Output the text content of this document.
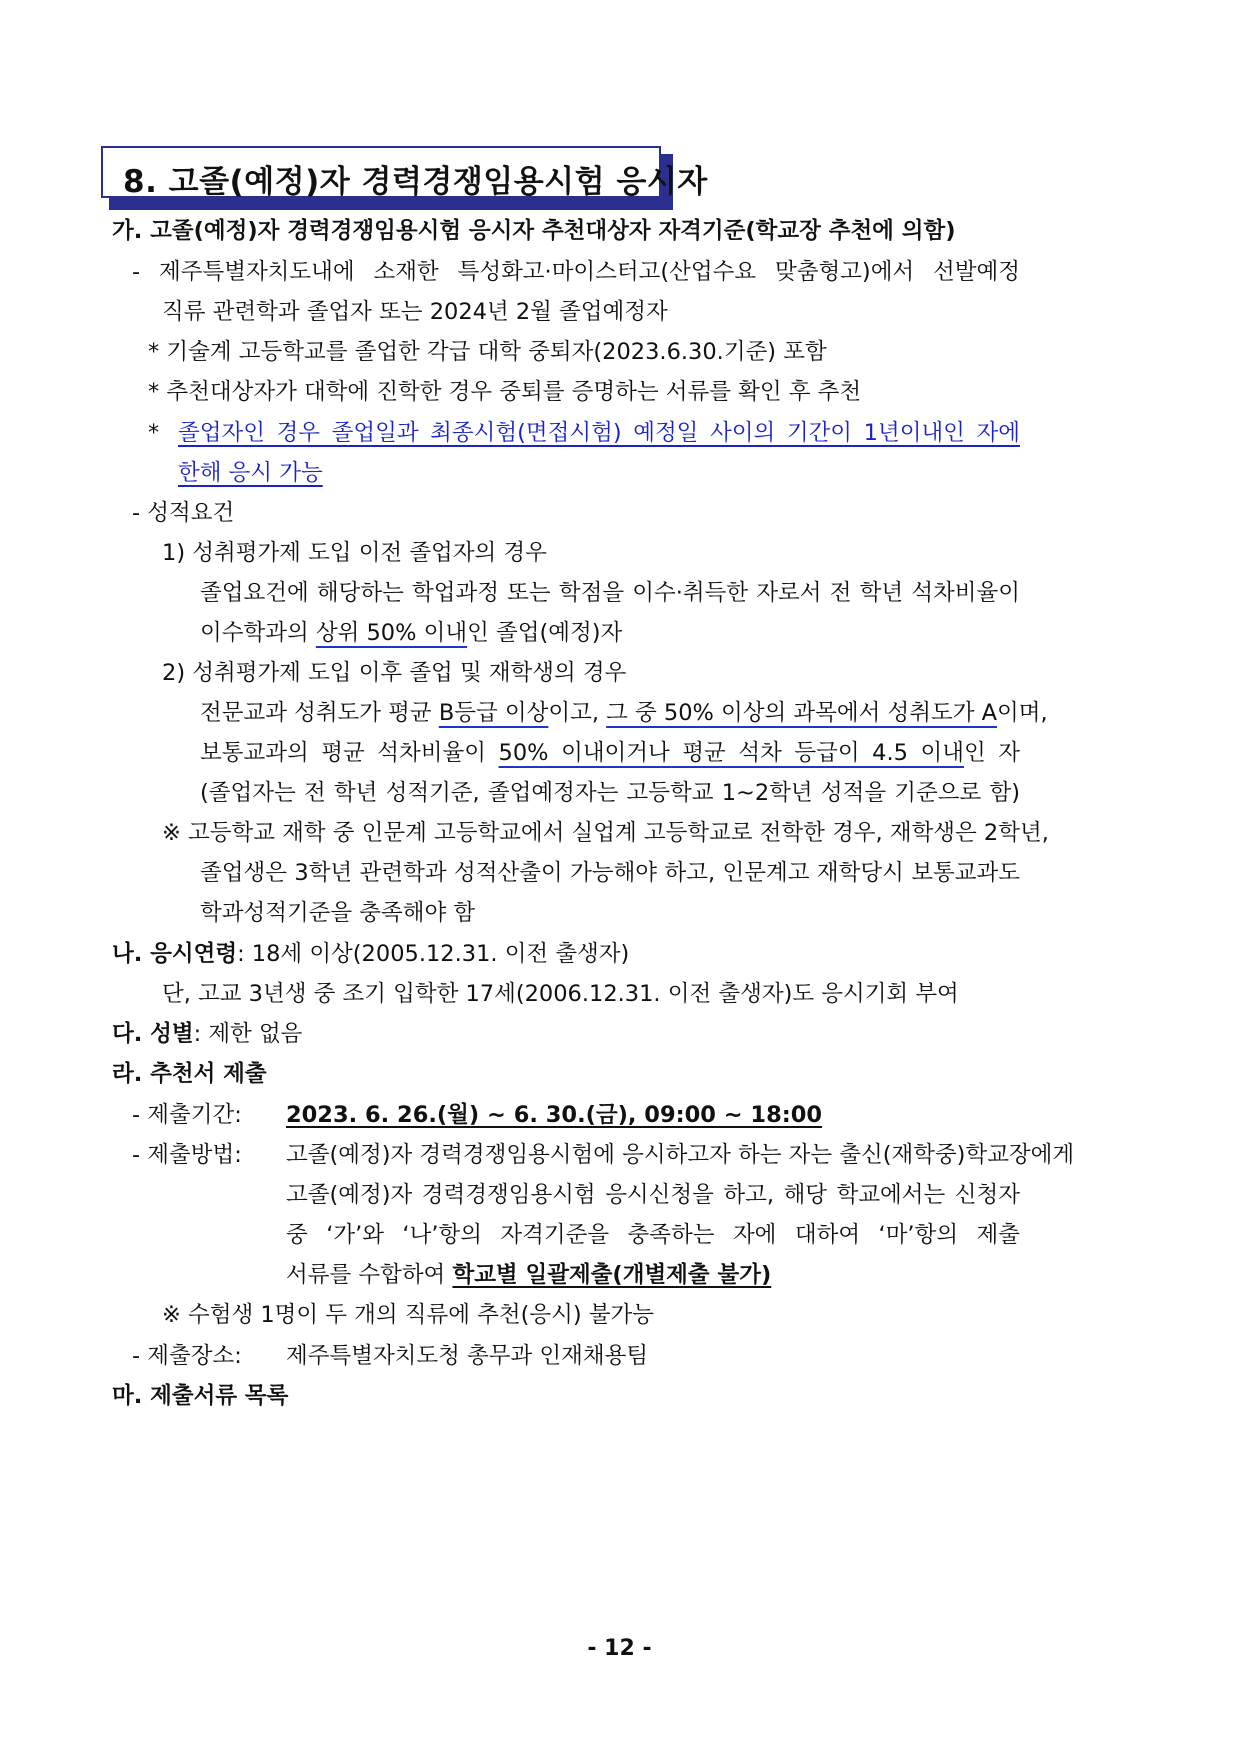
8. 고졸(예정)자 경력경쟁임용시험 응시자
가. 고졸(예정)자 경력경쟁임용시험 응시자 추천대상자 자격기준(학교장 추천에 의함)
- 제주특별자치도내에 소재한 특성화고·마이스터고(산업수요 맞춤형고)에서 선발예정
직류 관련학과 졸업자 또는 2024년 2월 졸업예정자
* 기술계 고등학교를 졸업한 각급 대학 중퇴자(2023.6.30.기준) 포함
* 추천대상자가 대학에 진학한 경우 중퇴를 증명하는 서류를 확인 후 추천
* 졸업자인 경우 졸업일과 최종시험(면접시험) 예정일 사이의 기간이 1년이내인 자에
한해 응시 가능
- 성적요건
1) 성취평가제 도입 이전 졸업자의 경우
졸업요건에 해당하는 학업과정 또는 학점을 이수·취득한 자로서 전 학년 석차비율이
이수학과의 상위 50% 이내인 졸업(예정)자
2) 성취평가제 도입 이후 졸업 및 재학생의 경우
전문교과 성취도가 평균 B등급 이상이고, 그 중 50% 이상의 과목에서 성취도가 A이며,
보통교과의 평균 석차비율이 50% 이내이거나 평균 석차 등급이 4.5 이내인 자
(졸업자는 전 학년 성적기준, 졸업예정자는 고등학교 1~2학년 성적을 기준으로 함)
※ 고등학교 재학 중 인문계 고등학교에서 실업계 고등학교로 전학한 경우, 재학생은 2학년,
졸업생은 3학년 관련학과 성적산출이 가능해야 하고, 인문계고 재학당시 보통교과도
학과성적기준을 충족해야 함
나. 응시연령: 18세 이상(2005.12.31. 이전 출생자)
단, 고교 3년생 중 조기 입학한 17세(2006.12.31. 이전 출생자)도 응시기회 부여
다. 성별: 제한 없음
라. 추천서 제출
- 제출기간: 2023. 6. 26.(월) ~ 6. 30.(금), 09:00 ~ 18:00
- 제출방법: 고졸(예정)자 경력경쟁임용시험에 응시하고자 하는 자는 출신(재학중)학교장에게
고졸(예정)자 경력경쟁임용시험 응시신청을 하고, 해당 학교에서는 신청자
중 ‘가’와 ‘나’항의 자격기준을 충족하는 자에 대하여 ‘마’항의 제출
서류를 수합하여 학교별 일괄제출(개별제출 불가)
※ 수험생 1명이 두 개의 직류에 추천(응시) 불가능
- 제출장소: 제주특별자치도청 총무과 인재채용팀
마. 제출서류 목록
- 12 -
